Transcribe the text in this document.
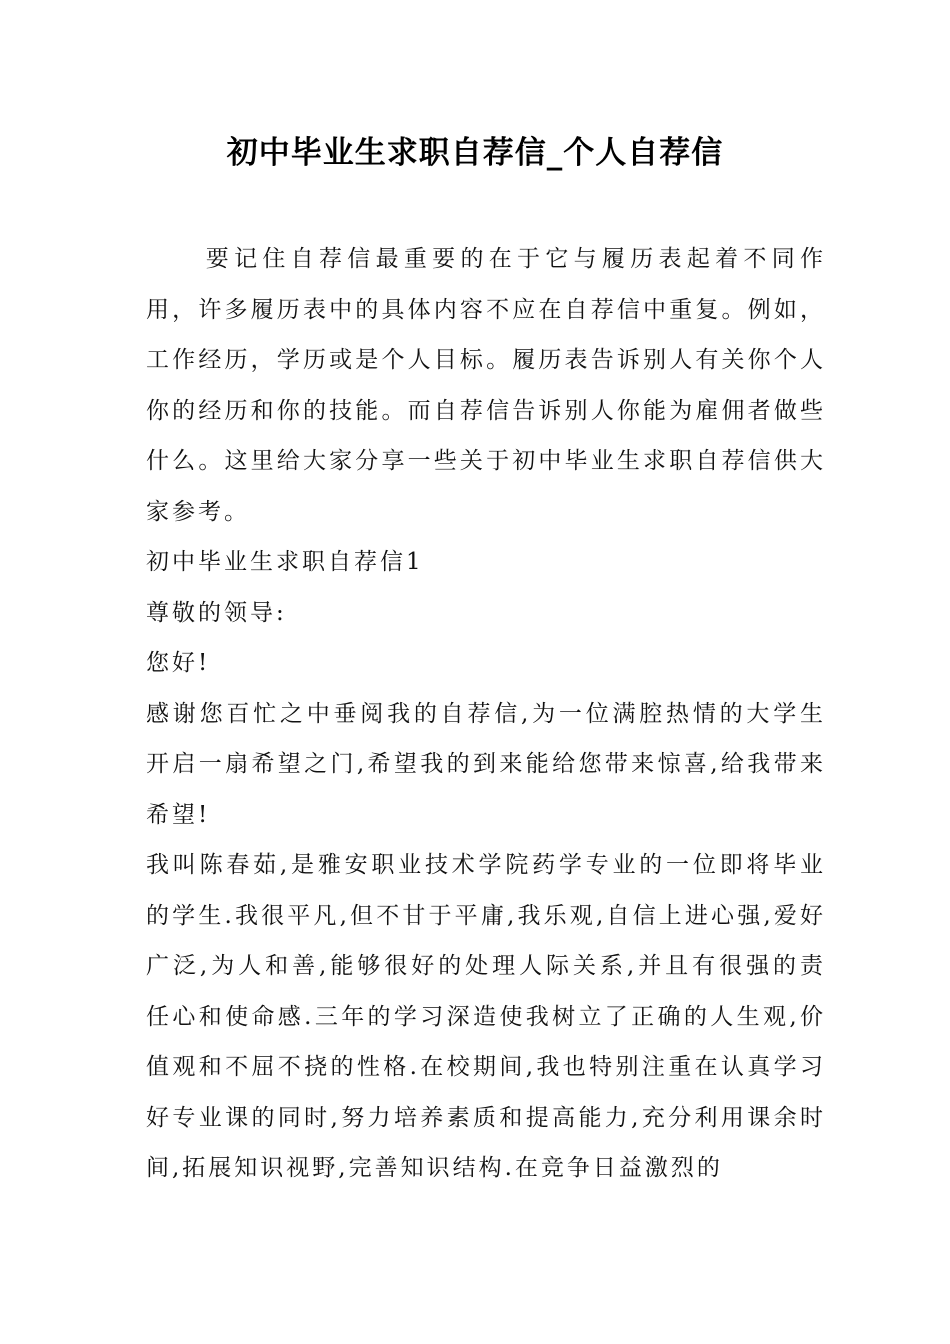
初中毕业生求职自荐信_个人自荐信

要记住自荐信最重要的在于它与履历表起着不同作用，许多履历表中的具体内容不应在自荐信中重复。例如，工作经历，学历或是个人目标。履历表告诉别人有关你个人你的经历和你的技能。而自荐信告诉别人你能为雇佣者做些什么。这里给大家分享一些关于初中毕业生求职自荐信供大家参考。

初中毕业生求职自荐信1

尊敬的领导:

您好!

感谢您百忙之中垂阅我的自荐信,为一位满腔热情的大学生开启一扇希望之门,希望我的到来能给您带来惊喜,给我带来希望!

我叫陈春茹,是雅安职业技术学院药学专业的一位即将毕业的学生.我很平凡,但不甘于平庸,我乐观,自信上进心强,爱好广泛,为人和善,能够很好的处理人际关系,并且有很强的责任心和使命感.三年的学习深造使我树立了正确的人生观,价值观和不屈不挠的性格.在校期间,我也特别注重在认真学习好专业课的同时,努力培养素质和提高能力,充分利用课余时间,拓展知识视野,完善知识结构.在竞争日益激烈的
